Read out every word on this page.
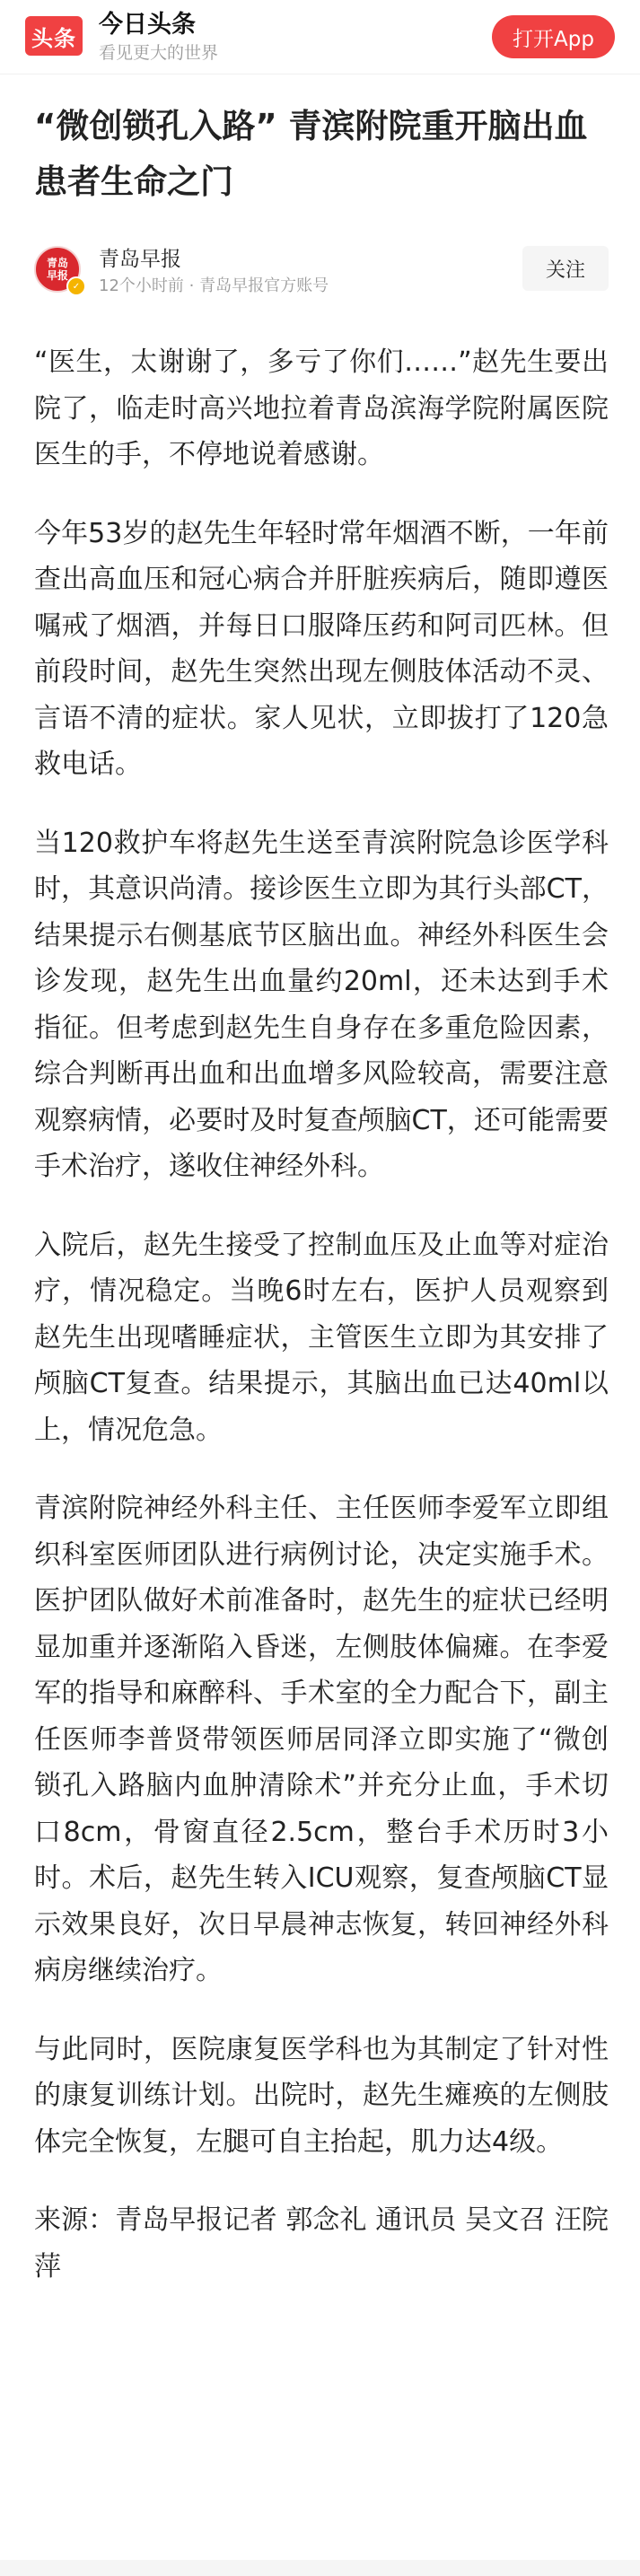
头条 今日头条
看见更大的世界
打开App
“微创锁孔入路” 青滨附院重开脑出血患者生命之门
青岛
早报
✓
青岛早报
12个小时前 · 青岛早报官方账号
关注

“医生，太谢谢了，多亏了你们……”赵先生要出院了，临走时高兴地拉着青岛滨海学院附属医院医生的手，不停地说着感谢。

今年53岁的赵先生年轻时常年烟酒不断，一年前查出高血压和冠心病合并肝脏疾病后，随即遵医嘱戒了烟酒，并每日口服降压药和阿司匹林。但前段时间，赵先生突然出现左侧肢体活动不灵、言语不清的症状。家人见状，立即拔打了120急救电话。

当120救护车将赵先生送至青滨附院急诊医学科时，其意识尚清。接诊医生立即为其行头部CT，结果提示右侧基底节区脑出血。神经外科医生会诊发现，赵先生出血量约20ml，还未达到手术指征。但考虑到赵先生自身存在多重危险因素，综合判断再出血和出血增多风险较高，需要注意观察病情，必要时及时复查颅脑CT，还可能需要手术治疗，遂收住神经外科。

入院后，赵先生接受了控制血压及止血等对症治疗，情况稳定。当晚6时左右，医护人员观察到赵先生出现嗜睡症状，主管医生立即为其安排了颅脑CT复查。结果提示，其脑出血已达40ml以上，情况危急。

青滨附院神经外科主任、主任医师李爱军立即组织科室医师团队进行病例讨论，决定实施手术。医护团队做好术前准备时，赵先生的症状已经明显加重并逐渐陷入昏迷，左侧肢体偏瘫。在李爱军的指导和麻醉科、手术室的全力配合下，副主任医师李普贤带领医师居同泽立即实施了“微创锁孔入路脑内血肿清除术”并充分止血，手术切口8cm，骨窗直径2.5cm，整台手术历时3小时。术后，赵先生转入ICU观察，复查颅脑CT显示效果良好，次日早晨神志恢复，转回神经外科病房继续治疗。

与此同时，医院康复医学科也为其制定了针对性的康复训练计划。出院时，赵先生瘫痪的左侧肢体完全恢复，左腿可自主抬起，肌力达4级。

来源：青岛早报记者 郭念礼 通讯员 吴文召 汪院萍
